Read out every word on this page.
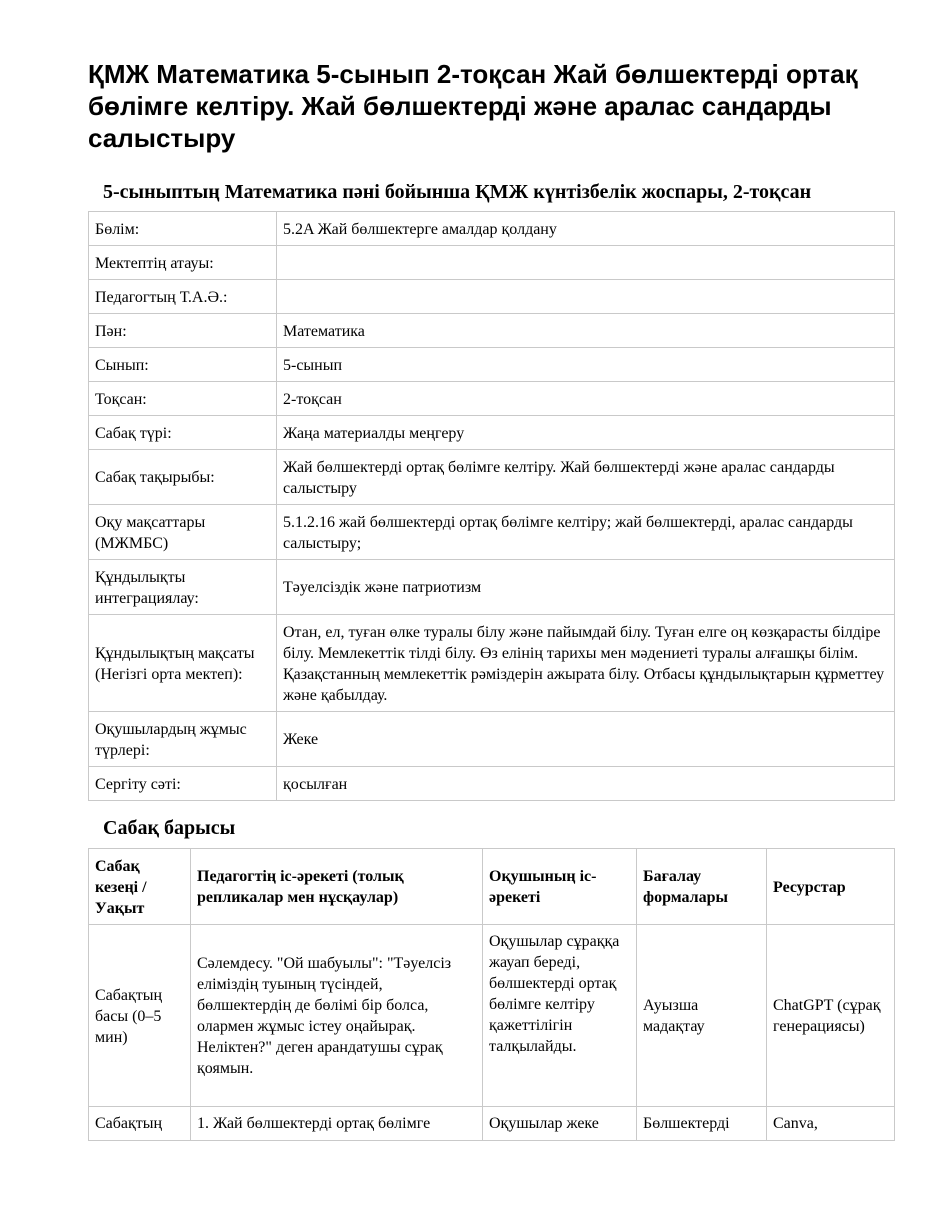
ҚМЖ Математика 5-сынып 2-тоқсан Жай бөлшектерді ортақ бөлімге келтіру. Жай бөлшектерді және аралас сандарды салыстыру
5-сыныптың Математика пәні бойынша ҚМЖ күнтізбелік жоспары, 2-тоқсан
Бөлім:	5.2A Жай бөлшектерге амалдар қолдану
Мектептің атауы:	
Педагогтың Т.А.Ә.:	
Пән:	Математика
Сынып:	5-сынып
Тоқсан:	2-тоқсан
Сабақ түрі:	Жаңа материалды меңгеру
Сабақ тақырыбы:	Жай бөлшектерді ортақ бөлімге келтіру. Жай бөлшектерді және аралас сандарды салыстыру
Оқу мақсаттары (МЖМБС)	5.1.2.16 жай бөлшектерді ортақ бөлімге келтіру; жай бөлшектерді, аралас сандарды салыстыру;
Құндылықты интеграциялау:	Тәуелсіздік және патриотизм
Құндылықтың мақсаты (Негізгі орта мектеп):	Отан, ел, туған өлке туралы білу және пайымдай білу. Туған елге оң көзқарасты білдіре білу. Мемлекеттік тілді білу. Өз елінің тарихы мен мәдениеті туралы алғашқы білім. Қазақстанның мемлекеттік рәміздерін ажырата білу. Отбасы құндылықтарын құрметтеу және қабылдау.
Оқушылардың жұмыс түрлері:	Жеке
Сергіту сәті:	қосылған
Сабақ барысы
Сабақ кезеңі / Уақыт	Педагогтің іс-әрекеті (толық репликалар мен нұсқаулар)	Оқушының іс-әрекеті	Бағалау формалары	Ресурстар
Сабақтың басы (0–5 мин)	Сәлемдесу. "Ой шабуылы": "Тәуелсіз еліміздің туының түсіндей, бөлшектердің де бөлімі бір болса, олармен жұмыс істеу оңайырақ. Неліктен?" деген арандатушы сұрақ қоямын.	Оқушылар сұраққа жауап береді, бөлшектерді ортақ бөлімге келтіру қажеттілігін талқылайды.	Ауызша мадақтау	ChatGPT (сұрақ генерациясы)
Сабақтың	1. Жай бөлшектерді ортақ бөлімге	Оқушылар жеке	Бөлшектерді	Canva,
